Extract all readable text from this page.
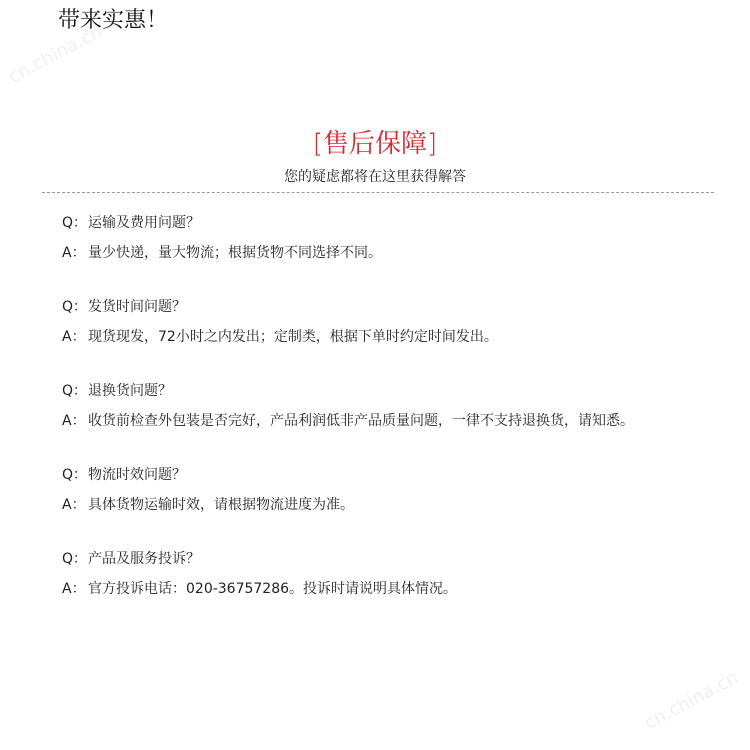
带来实惠！
cn.china.cn
cn.china.cn
[售后保障]
您的疑虑都将在这里获得解答
Q：运输及费用问题？
A： 量少快递，量大物流；根据货物不同选择不同。
Q：发货时间问题？
A： 现货现发，72小时之内发出；定制类，根据下单时约定时间发出。
Q：退换货问题？
A： 收货前检查外包装是否完好，产品利润低非产品质量问题，一律不支持退换货，请知悉。
Q：物流时效问题？
A： 具体货物运输时效，请根据物流进度为准。
Q：产品及服务投诉？
A： 官方投诉电话：020-36757286。投诉时请说明具体情况。
